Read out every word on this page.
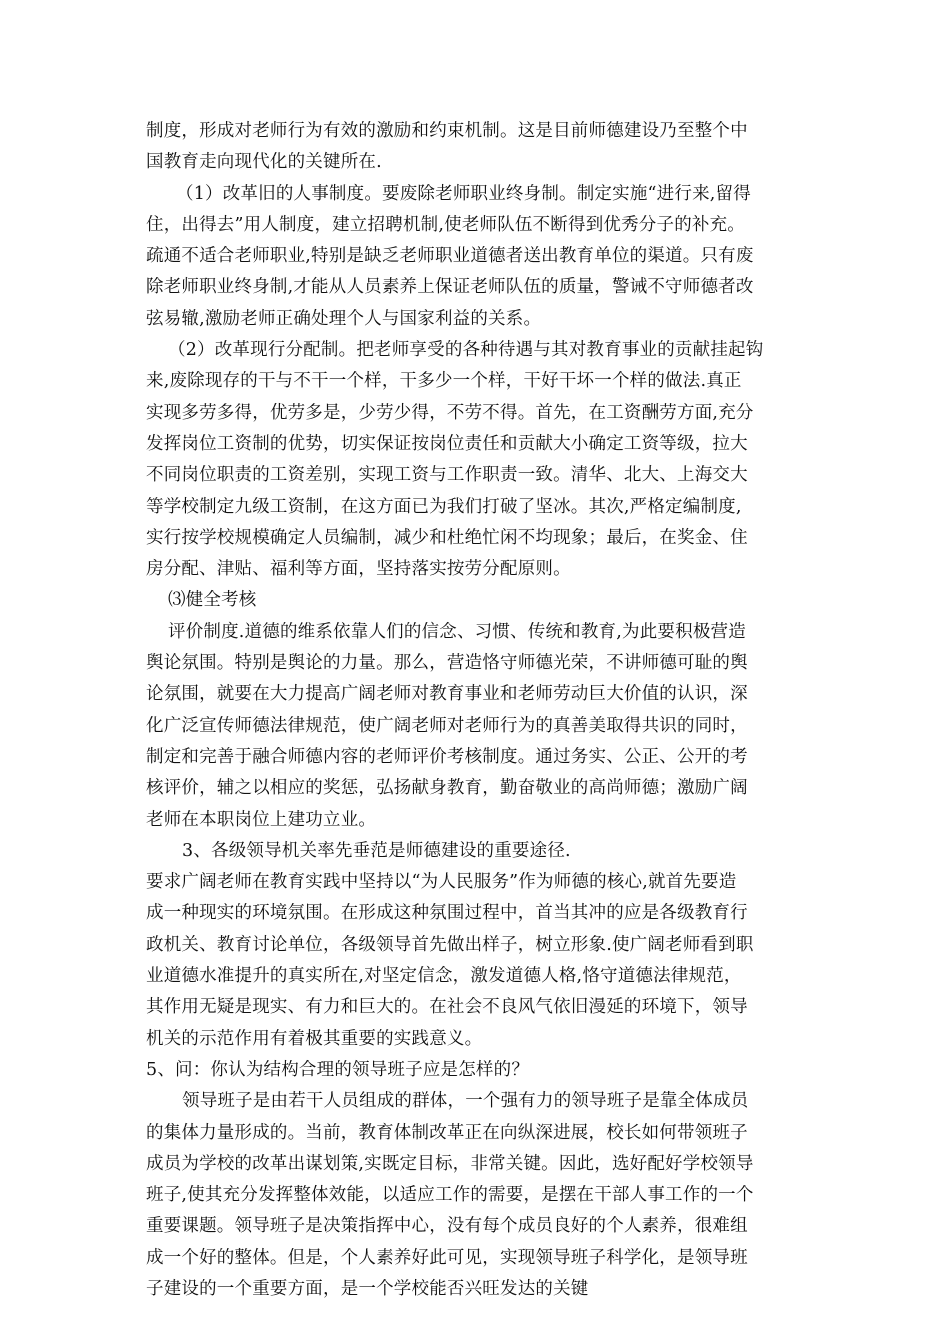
制度，形成对老师行为有效的激励和约束机制。这是目前师德建设乃至整个中
国教育走向现代化的关键所在.
（1）改革旧的人事制度。要废除老师职业终身制。制定实施“进行来,留得
住，出得去”用人制度，建立招聘机制,使老师队伍不断得到优秀分子的补充。
疏通不适合老师职业,特别是缺乏老师职业道德者送出教育单位的渠道。只有废
除老师职业终身制,才能从人员素养上保证老师队伍的质量，警诫不守师德者改
弦易辙,激励老师正确处理个人与国家利益的关系。
（2）改革现行分配制。把老师享受的各种待遇与其对教育事业的贡献挂起钩
来,废除现存的干与不干一个样，干多少一个样，干好干坏一个样的做法.真正
实现多劳多得，优劳多是，少劳少得，不劳不得。首先，在工资酬劳方面,充分
发挥岗位工资制的优势，切实保证按岗位责任和贡献大小确定工资等级，拉大
不同岗位职责的工资差别，实现工资与工作职责一致。清华、北大、上海交大
等学校制定九级工资制，在这方面已为我们打破了坚冰。其次,严格定编制度,
实行按学校规模确定人员编制，减少和杜绝忙闲不均现象；最后，在奖金、住
房分配、津贴、福利等方面，坚持落实按劳分配原则。
⑶健全考核
评价制度.道德的维系依靠人们的信念、习惯、传统和教育,为此要积极营造
舆论氛围。特别是舆论的力量。那么，营造恪守师德光荣，不讲师德可耻的舆
论氛围，就要在大力提高广阔老师对教育事业和老师劳动巨大价值的认识，深
化广泛宣传师德法律规范，使广阔老师对老师行为的真善美取得共识的同时，
制定和完善于融合师德内容的老师评价考核制度。通过务实、公正、公开的考
核评价，辅之以相应的奖惩，弘扬献身教育，勤奋敬业的高尚师德；激励广阔
老师在本职岗位上建功立业。
3、各级领导机关率先垂范是师德建设的重要途径.
要求广阔老师在教育实践中坚持以“为人民服务”作为师德的核心,就首先要造
成一种现实的环境氛围。在形成这种氛围过程中，首当其冲的应是各级教育行
政机关、教育讨论单位，各级领导首先做出样子，树立形象.使广阔老师看到职
业道德水准提升的真实所在,对坚定信念，激发道德人格,恪守道德法律规范，
其作用无疑是现实、有力和巨大的。在社会不良风气依旧漫延的环境下，领导
机关的示范作用有着极其重要的实践意义。
5、问：你认为结构合理的领导班子应是怎样的？
领导班子是由若干人员组成的群体，一个强有力的领导班子是靠全体成员
的集体力量形成的。当前，教育体制改革正在向纵深进展，校长如何带领班子
成员为学校的改革出谋划策,实既定目标，非常关键。因此，选好配好学校领导
班子,使其充分发挥整体效能，以适应工作的需要，是摆在干部人事工作的一个
重要课题。领导班子是决策指挥中心，没有每个成员良好的个人素养，很难组
成一个好的整体。但是，个人素养好此可见，实现领导班子科学化，是领导班
子建设的一个重要方面，是一个学校能否兴旺发达的关键
